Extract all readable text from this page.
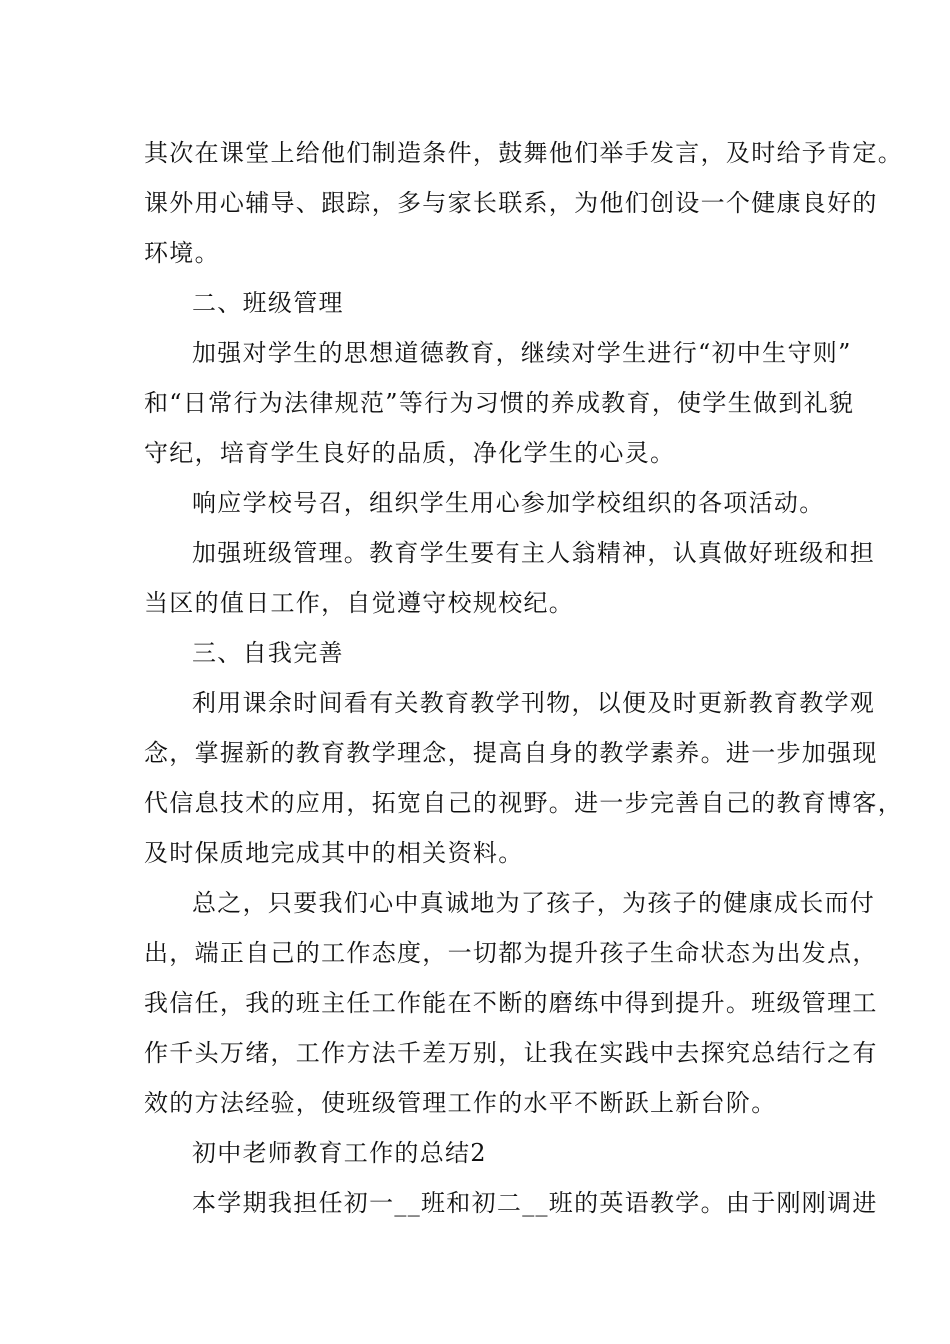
其次在课堂上给他们制造条件，鼓舞他们举手发言，及时给予肯定。

课外用心辅导、跟踪，多与家长联系，为他们创设一个健康良好的

环境。

二、班级管理

加强对学生的思想道德教育，继续对学生进行“初中生守则”

和“日常行为法律规范”等行为习惯的养成教育，使学生做到礼貌

守纪，培育学生良好的品质，净化学生的心灵。

响应学校号召，组织学生用心参加学校组织的各项活动。

加强班级管理。教育学生要有主人翁精神，认真做好班级和担

当区的值日工作，自觉遵守校规校纪。

三、自我完善

利用课余时间看有关教育教学刊物，以便及时更新教育教学观

念，掌握新的教育教学理念，提高自身的教学素养。进一步加强现

代信息技术的应用，拓宽自己的视野。进一步完善自己的教育博客，

及时保质地完成其中的相关资料。

总之，只要我们心中真诚地为了孩子，为孩子的健康成长而付

出，端正自己的工作态度，一切都为提升孩子生命状态为出发点，

我信任，我的班主任工作能在不断的磨练中得到提升。班级管理工

作千头万绪，工作方法千差万别，让我在实践中去探究总结行之有

效的方法经验，使班级管理工作的水平不断跃上新台阶。

初中老师教育工作的总结2

本学期我担任初一__班和初二__班的英语教学。由于刚刚调进
